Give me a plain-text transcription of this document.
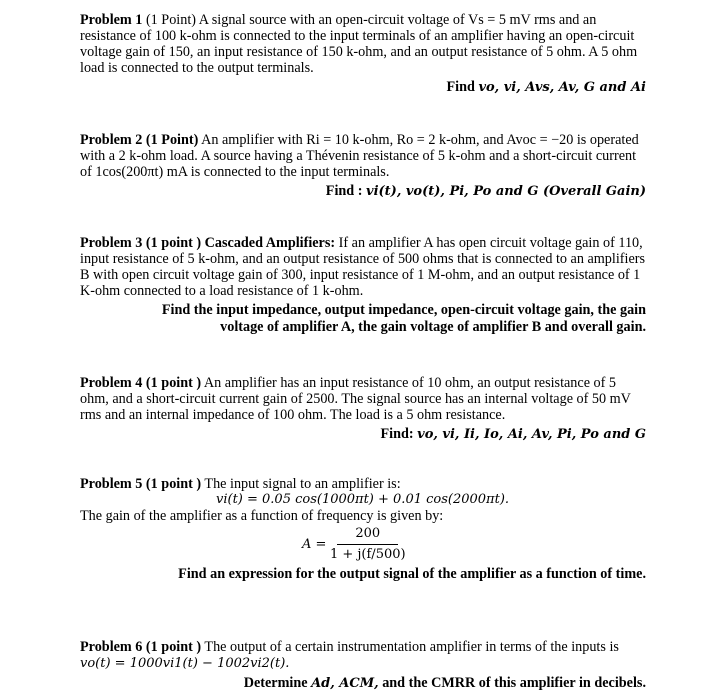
Problem 1 (1 Point) A signal source with an open-circuit voltage of Vs = 5 mV rms and an resistance of 100 k-ohm is connected to the input terminals of an amplifier having an open-circuit voltage gain of 150, an input resistance of 150 k-ohm, and an output resistance of 5 ohm. A 5 ohm load is connected to the output terminals.

Find vo, vi, Avs, Av, G and Ai

Problem 2 (1 Point) An amplifier with Ri = 10 k-ohm, Ro = 2 k-ohm, and Avoc = −20 is operated with a 2 k-ohm load. A source having a Thévenin resistance of 5 k-ohm and a short-circuit current of 1cos(200πt) mA is connected to the input terminals.

Find : vi(t), vo(t), Pi, Po and G (Overall Gain)

Problem 3 (1 point ) Cascaded Amplifiers: If an amplifier A has open circuit voltage gain of 110, input resistance of 5 k-ohm, and an output resistance of 500 ohms that is connected to an amplifiers B with open circuit voltage gain of 300, input resistance of 1 M-ohm, and an output resistance of 1 K-ohm connected to a load resistance of 1 k-ohm.

Find the input impedance, output impedance, open-circuit voltage gain, the gain

voltage of amplifier A, the gain voltage of amplifier B and overall gain.

Problem 4 (1 point ) An amplifier has an input resistance of 10 ohm, an output resistance of 5 ohm, and a short-circuit current gain of 2500. The signal source has an internal voltage of 50 mV rms and an internal impedance of 100 ohm. The load is a 5 ohm resistance.

Find: vo, vi, Ii, Io, Ai, Av, Pi, Po and G

Problem 5 (1 point ) The input signal to an amplifier is:

vi(t) = 0.05 cos(1000πt) + 0.01 cos(2000πt).

The gain of the amplifier as a function of frequency is given by:

$A = \frac{200}{1 + j(f/500)}$

Find an expression for the output signal of the amplifier as a function of time.

Problem 6 (1 point ) The output of a certain instrumentation amplifier in terms of the inputs is vo(t) = 1000vi1(t) − 1002vi2(t).

Determine Ad, ACM, and the CMRR of this amplifier in decibels.
